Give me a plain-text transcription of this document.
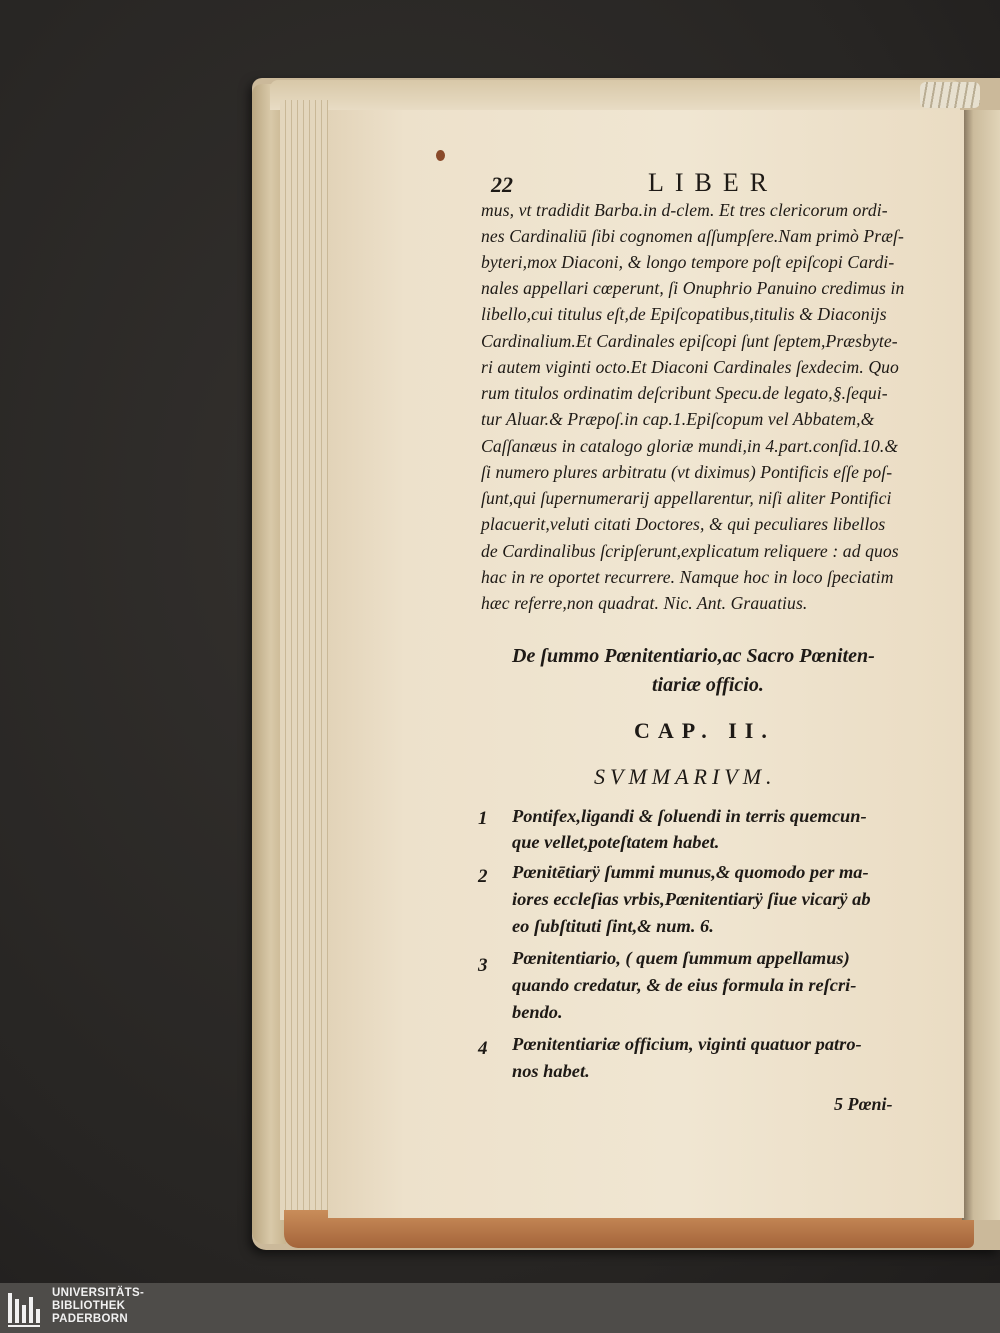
22	LIBER
mus, vt tradidit Barba.in d-clem. Et tres clericorum ordi-
nes Cardinaliū ſibi cognomen aſſumpſere.Nam primò Præſ-
byteri,mox Diaconi, & longo tempore poſt epiſcopi Cardi-
nales appellari cœperunt, ſi Onuphrio Panuino credimus in
libello,cui titulus eſt,de Epiſcopatibus,titulis & Diaconijs
Cardinalium.Et Cardinales epiſcopi ſunt ſeptem,Præsbyte-
ri autem viginti octo.Et Diaconi Cardinales ſexdecim. Quo
rum titulos ordinatim deſcribunt Specu.de legato,§.ſequi-
tur Aluar.& Præpoſ.in cap.1.Epiſcopum vel Abbatem,&
Caſſanæus in catalogo gloriæ mundi,in 4.part.conſid.10.&
ſi numero plures arbitratu (vt diximus) Pontificis eſſe poſ-
ſunt,qui ſupernumerarij appellarentur, niſi aliter Pontifici
placuerit,veluti citati Doctores, & qui peculiares libellos
de Cardinalibus ſcripſerunt,explicatum reliquere : ad quos
hac in re oportet recurrere. Namque hoc in loco ſpeciatim
hæc referre,non quadrat. Nic. Ant. Grauatius.
De ſummo Pœnitentiario,ac Sacro Pœniten-
tiariæ officio.
CAP. II.
SVMMARIVM.
1 Pontifex,ligandi & ſoluendi in terris quemcun-
que vellet,poteſtatem habet.
2 Pœnitētiarÿ ſummi munus,& quomodo per ma-
iores eccleſias vrbis,Pœnitentiarÿ ſiue vicarÿ ab
eo ſubſtituti ſint,& num. 6.
3 Pœnitentiario, ( quem ſummum appellamus)
quando credatur, & de eius formula in reſcri-
bendo.
4 Pœnitentiariæ officium, viginti quatuor patro-
nos habet.
5 Pœni-
UNIVERSITÄTS-
BIBLIOTHEK
PADERBORN
